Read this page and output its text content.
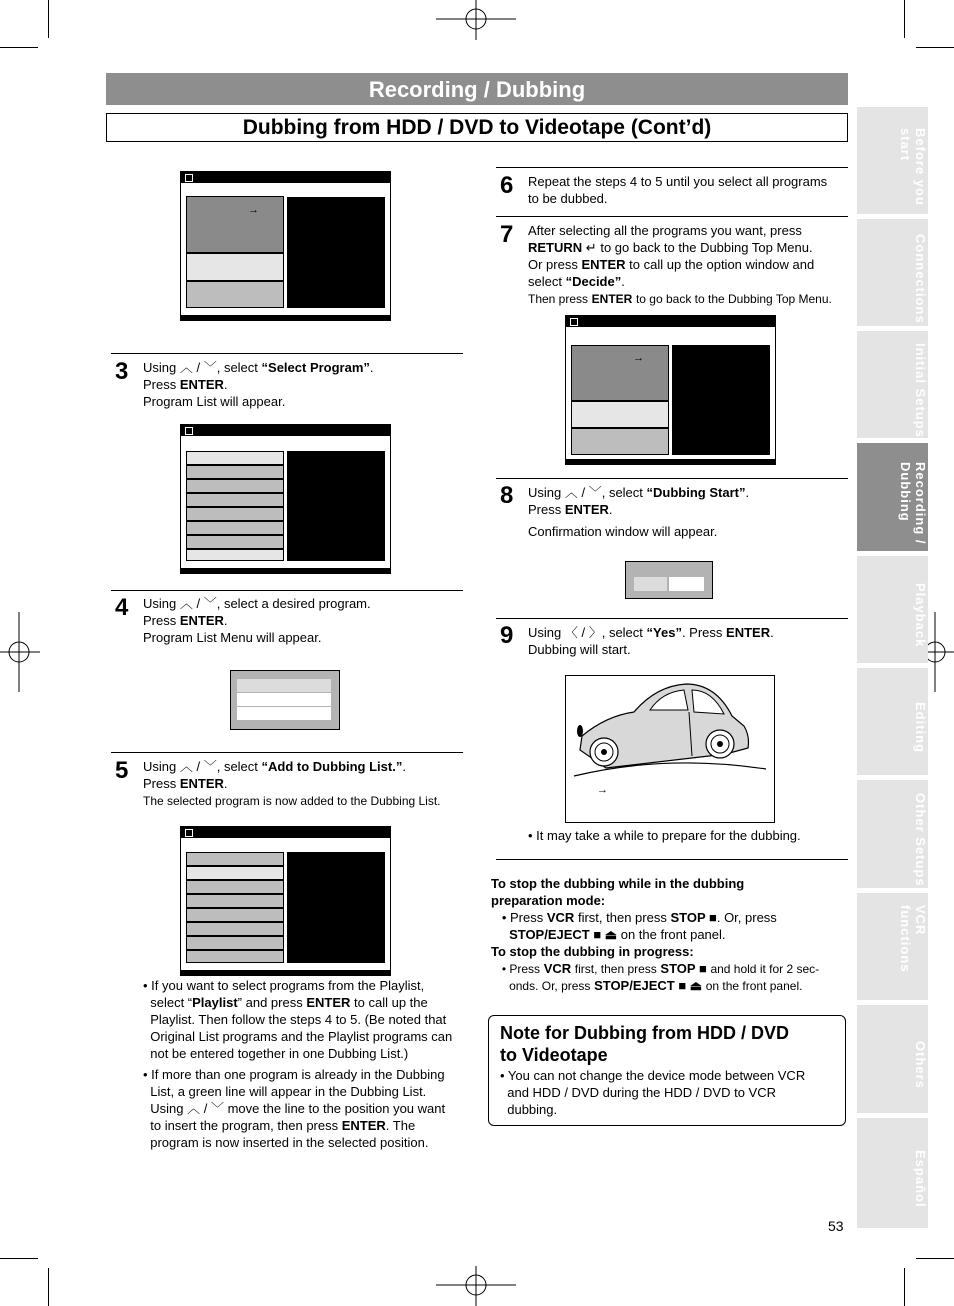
Recording / Dubbing
Dubbing from HDD / DVD to Videotape (Cont’d)
Before you
start
Connections
Initial Setups
Recording /
Dubbing
Playback
Editing
Other Setups
VCR functions
Others
Español
→
3 Using ︿ / ﹀, select “Select Program”.
Press ENTER.
Program List will appear.
4 Using ︿ / ﹀, select a desired program.
Press ENTER.
Program List Menu will appear.
5 Using ︿ / ﹀, select “Add to Dubbing List.”.
Press ENTER.
The selected program is now added to the Dubbing List.
• If you want to select programs from the Playlist,
select “Playlist” and press ENTER to call up the
Playlist. Then follow the steps 4 to 5. (Be noted that
Original List programs and the Playlist programs can
not be entered together in one Dubbing List.)
• If more than one program is already in the Dubbing
List, a green line will appear in the Dubbing List.
Using ︿ / ﹀ move the line to the position you want
to insert the program, then press ENTER. The
program is now inserted in the selected position.
6 Repeat the steps 4 to 5 until you select all programs
to be dubbed.
7 After selecting all the programs you want, press
RETURN ↵ to go back to the Dubbing Top Menu.
Or press ENTER to call up the option window and
select “Decide”.
Then press ENTER to go back to the Dubbing Top Menu.
→
8 Using ︿ / ﹀, select “Dubbing Start”.
Press ENTER.

Confirmation window will appear.
9 Using 〈 / 〉, select “Yes”. Press ENTER.
Dubbing will start.
→
• It may take a while to prepare for the dubbing.
To stop the dubbing while in the dubbing
preparation mode:
• Press VCR first, then press STOP ■. Or, press
STOP/EJECT ■ ⏏ on the front panel.
To stop the dubbing in progress:
• Press VCR first, then press STOP ■ and hold it for 2 sec-
onds. Or, press STOP/EJECT ■ ⏏ on the front panel.
Note for Dubbing from HDD / DVD
to Videotape
• You can not change the device mode between VCR
and HDD / DVD during the HDD / DVD to VCR
dubbing.
53
